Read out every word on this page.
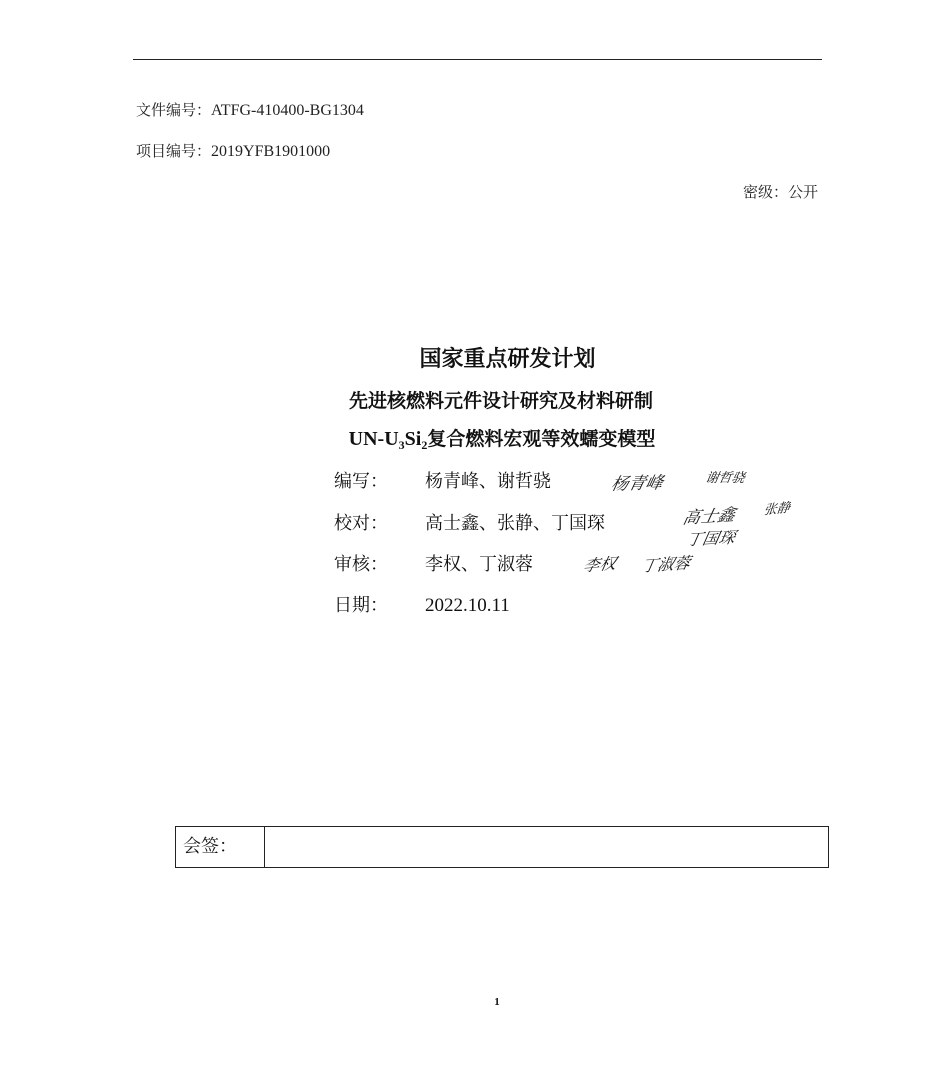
文件编号：ATFG-410400-BG1304
项目编号：2019YFB1901000
密级：公开
国家重点研发计划
先进核燃料元件设计研究及材料研制
$UN-U_3Si_2$复合燃料宏观等效蠕变模型
编写： 杨青峰、谢哲骁
校对： 高士鑫、张静、丁国琛
审核： 李权、丁淑蓉
日期： 2022.10.11
杨青峰	谢哲骁
高士鑫 张静
丁国琛
李权 丁淑蓉
会签：
1
